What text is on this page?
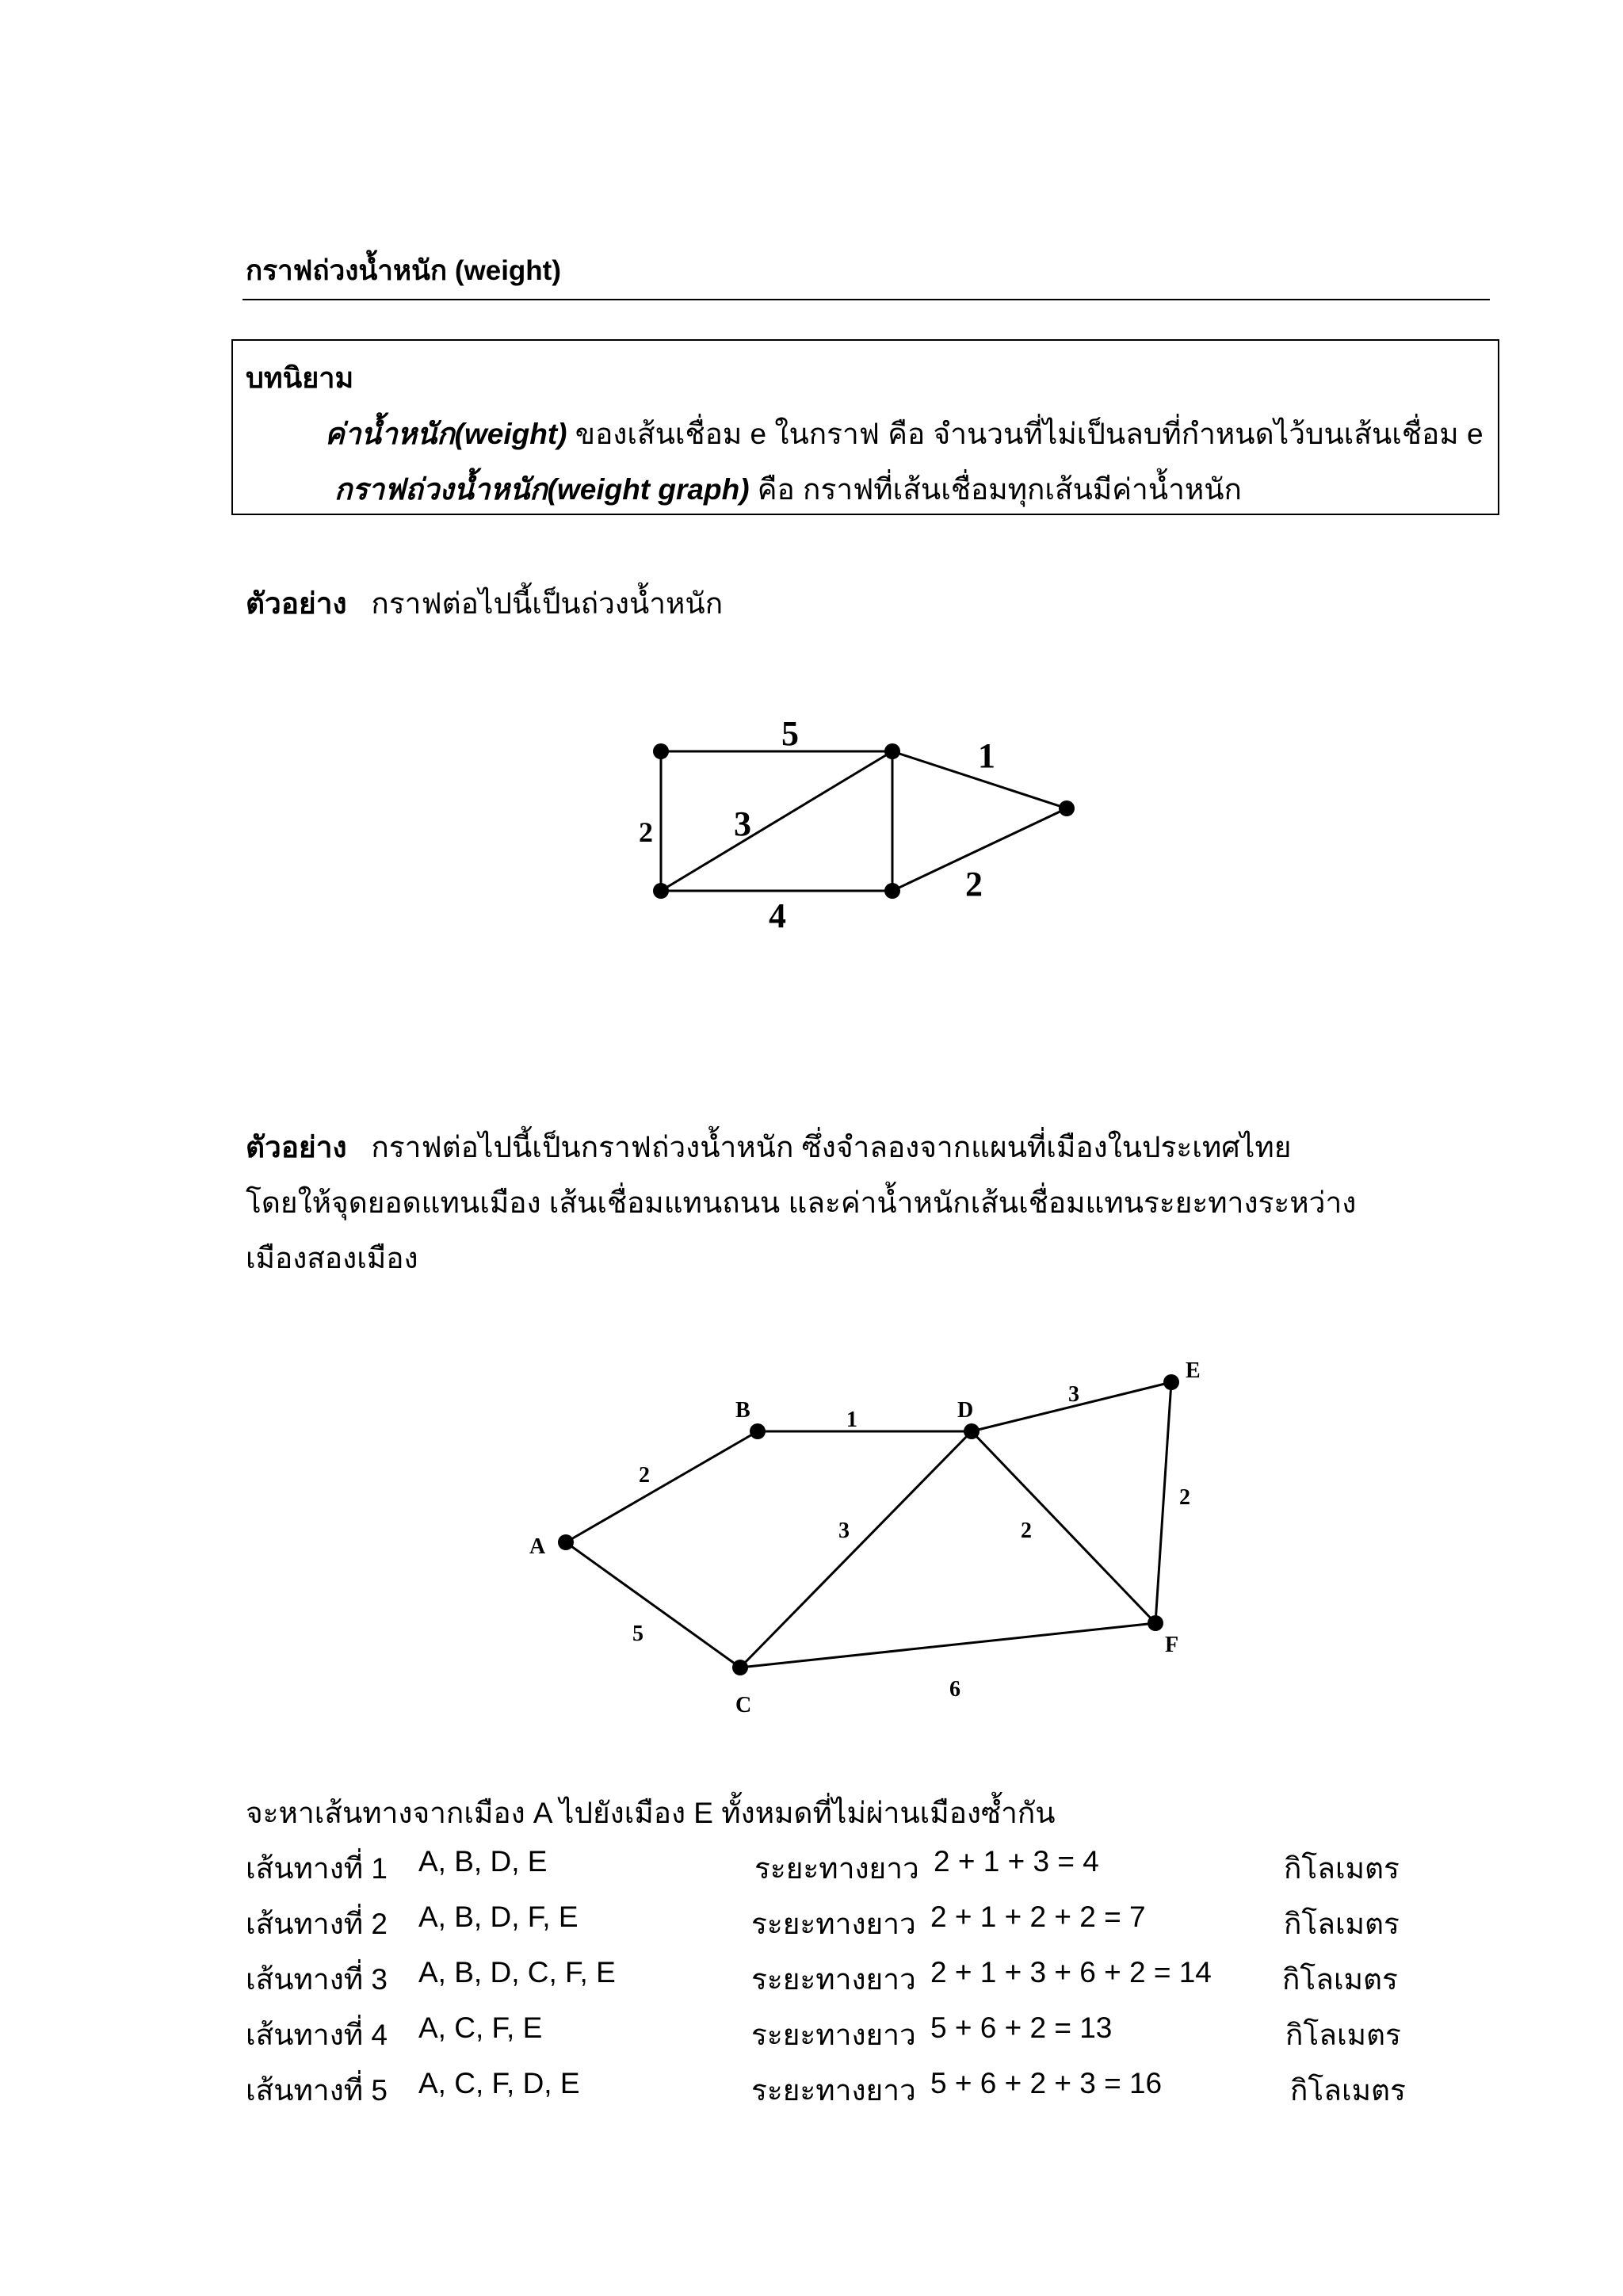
กราฟถ่วงน้ำหนัก (weight)
บทนิยาม
ค่าน้ำหนัก(weight) ของเส้นเชื่อม e ในกราฟ คือ จำนวนที่ไม่เป็นลบที่กำหนดไว้บนเส้นเชื่อม e
กราฟถ่วงน้ำหนัก(weight graph) คือ กราฟที่เส้นเชื่อมทุกเส้นมีค่าน้ำหนัก
ตัวอย่าง กราฟต่อไปนี้เป็นถ่วงน้ำหนัก
5
1
2 3
2
4
ตัวอย่าง กราฟต่อไปนี้เป็นกราฟถ่วงน้ำหนัก ซึ่งจำลองจากแผนที่เมืองในประเทศไทย
โดยให้จุดยอดแทนเมือง เส้นเชื่อมแทนถนน และค่าน้ำหนักเส้นเชื่อมแทนระยะทางระหว่าง
เมืองสองเมือง
A
B
C
D
E
F
2
1
3
2
3	2
5
6
จะหาเส้นทางจากเมือง A ไปยังเมือง E ทั้งหมดที่ไม่ผ่านเมืองซ้ำกัน
เส้นทางที่ 1 A, B, D, E	ระยะทางยาว 2 + 1 + 3 = 4	กิโลเมตร
เส้นทางที่ 2 A, B, D, F, E	ระยะทางยาว 2 + 1 + 2 + 2 = 7	กิโลเมตร
เส้นทางที่ 3 A, B, D, C, F, E	ระยะทางยาว 2 + 1 + 3 + 6 + 2 = 14 กิโลเมตร
เส้นทางที่ 4 A, C, F, E	ระยะทางยาว 5 + 6 + 2 = 13	กิโลเมตร
เส้นทางที่ 5 A, C, F, D, E	ระยะทางยาว 5 + 6 + 2 + 3 = 16	กิโลเมตร
